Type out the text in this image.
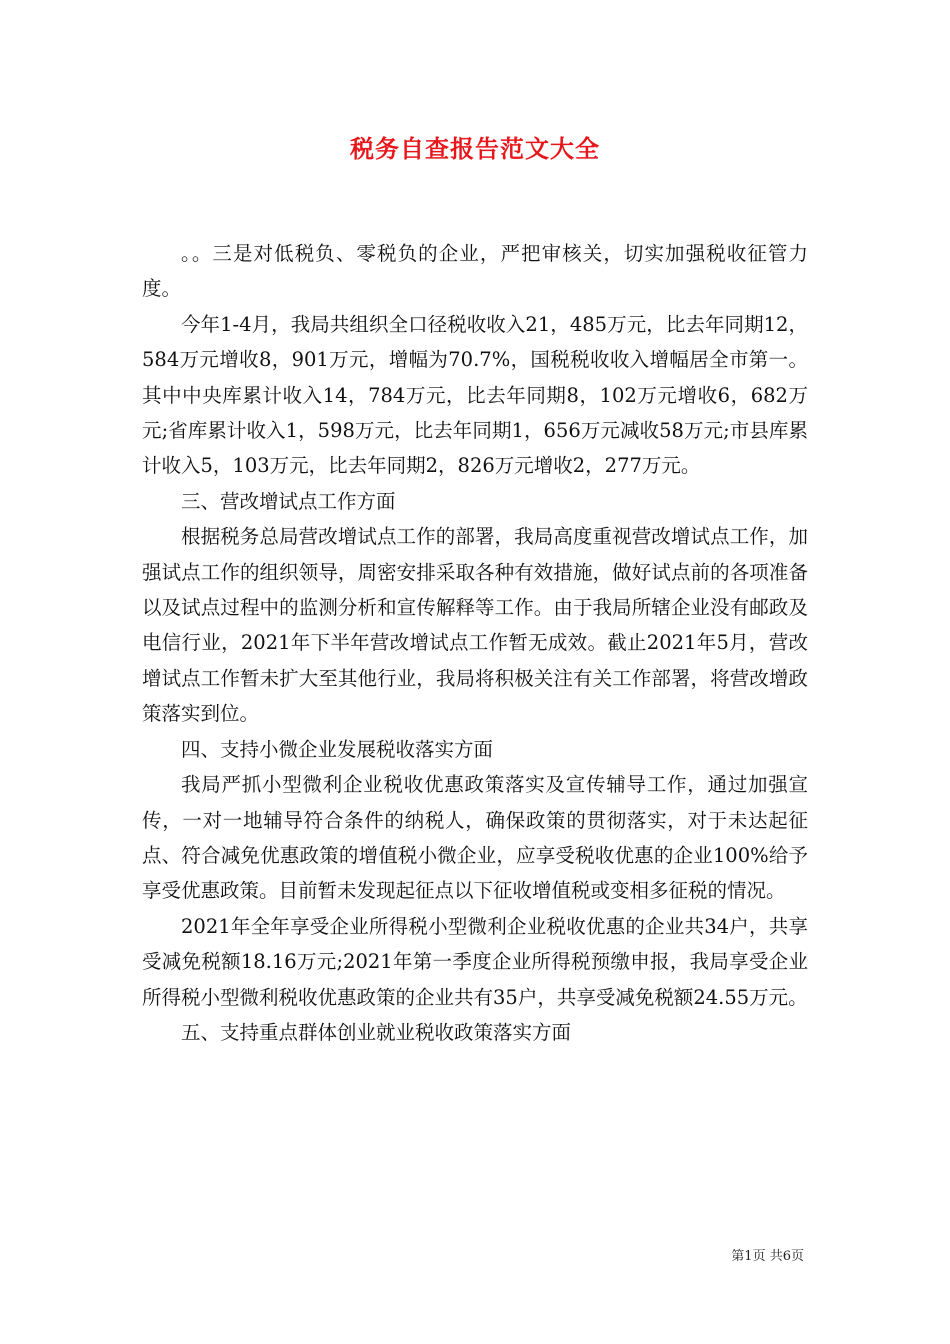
税务自查报告范文大全

。。三是对低税负、零税负的企业，严把审核关，切实加强税收征管力度。

今年1-4月，我局共组织全口径税收收入21，485万元，比去年同期12，584万元增收8，901万元，增幅为70.7%，国税税收收入增幅居全市第一。其中中央库累计收入14，784万元，比去年同期8，102万元增收6，682万元;省库累计收入1，598万元，比去年同期1，656万元减收58万元;市县库累计收入5，103万元，比去年同期2，826万元增收2，277万元。

三、营改增试点工作方面

根据税务总局营改增试点工作的部署，我局高度重视营改增试点工作，加强试点工作的组织领导，周密安排采取各种有效措施，做好试点前的各项准备以及试点过程中的监测分析和宣传解释等工作。由于我局所辖企业没有邮政及电信行业，2021年下半年营改增试点工作暂无成效。截止2021年5月，营改增试点工作暂未扩大至其他行业，我局将积极关注有关工作部署，将营改增政策落实到位。

四、支持小微企业发展税收落实方面

我局严抓小型微利企业税收优惠政策落实及宣传辅导工作，通过加强宣传，一对一地辅导符合条件的纳税人，确保政策的贯彻落实，对于未达起征点、符合减免优惠政策的增值税小微企业，应享受税收优惠的企业100%给予享受优惠政策。目前暂未发现起征点以下征收增值税或变相多征税的情况。

2021年全年享受企业所得税小型微利企业税收优惠的企业共34户，共享受减免税额18.16万元;2021年第一季度企业所得税预缴申报，我局享受企业所得税小型微利税收优惠政策的企业共有35户，共享受减免税额24.55万元。

五、支持重点群体创业就业税收政策落实方面

第1页 共6页
